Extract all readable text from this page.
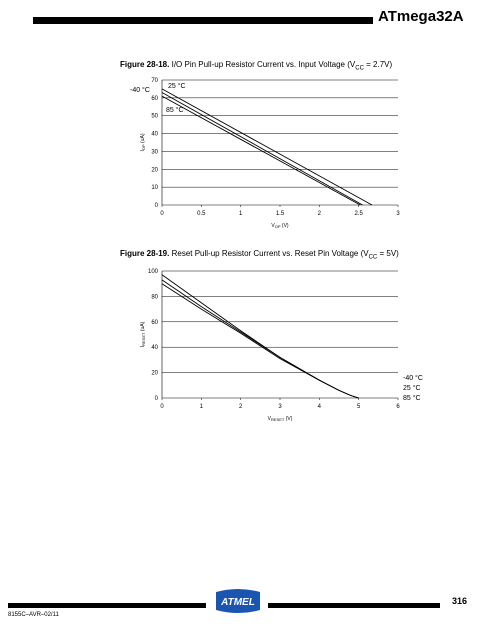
ATmega32A
Figure 28-18. I/O Pin Pull-up Resistor Current vs. Input Voltage $(V_{CC} = 2.7V)$
Figure 28-19. Reset Pull-up Resistor Current vs. Reset Pin Voltage $(V_{CC} = 5V)$
0
10
20
30
40
50
60
70
0	0.5	1	1.5	2	2.5	3
-40 °C
25 °C
85 °C
$V_{OP}$ (V)
$I_{OP}$ (uA)
0
20
40
60
80
100
0	1	2	3	4	5	6
-40 °C
25 °C
85 °C
$V_{RESET}$ (V)
$I_{RESET}$ (uA)
ATMEL
8155C–AVR–02/11
316
